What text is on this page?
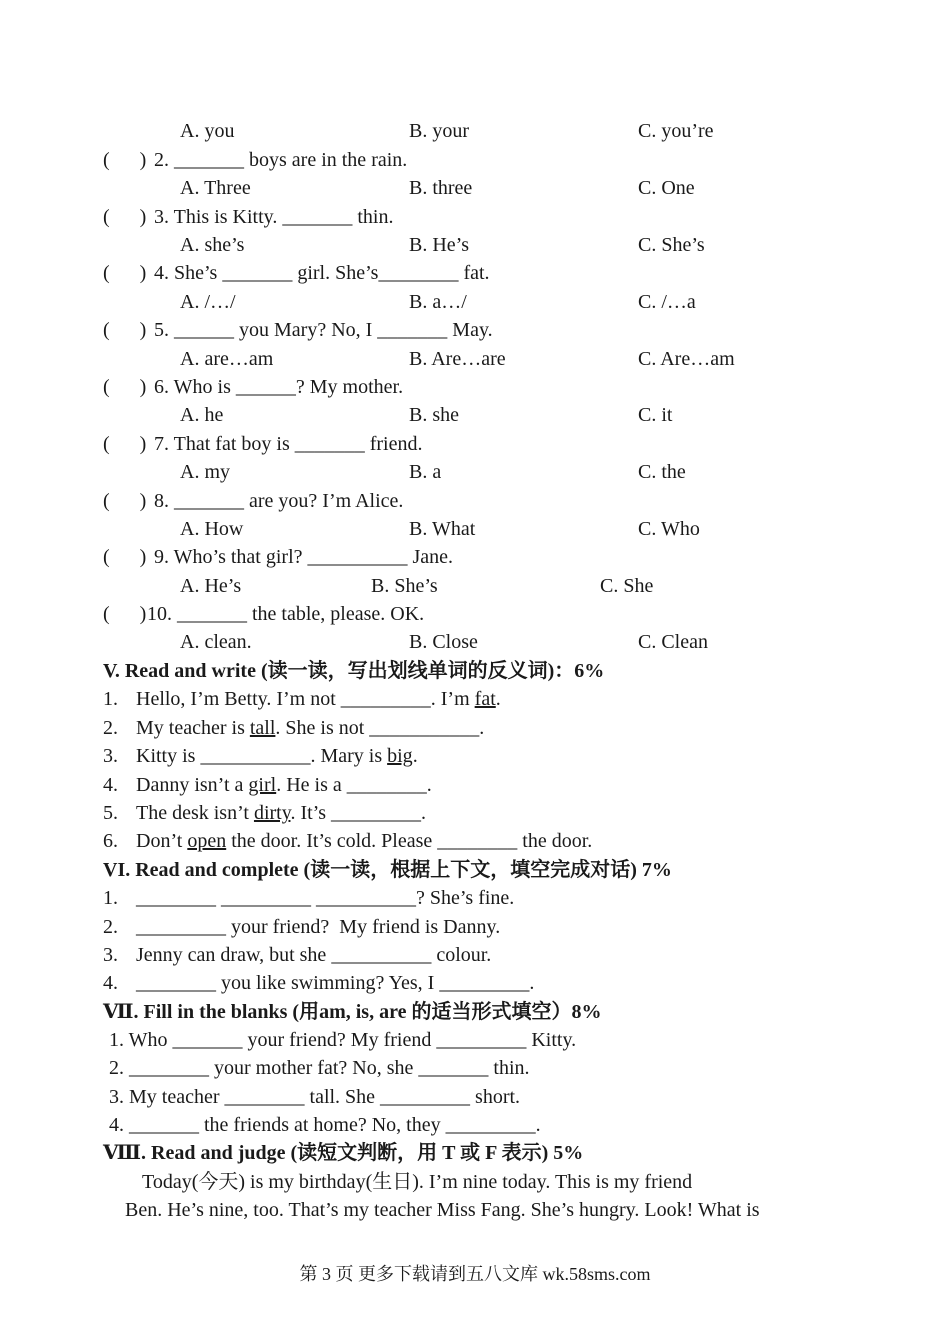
A. you	B. your	C. you’re
(      ) 2. _______ boys are in the rain.
A. Three	B. three	C. One
(      ) 3. This is Kitty. _______ thin.
A. she’s	B. He’s	C. She’s
(      ) 4. She’s _______ girl. She’s________ fat.
A. /…/	B. a…/	C. /…a
(      ) 5. ______ you Mary? No, I _______ May.
A. are…am	B. Are…are	C. Are…am
(      ) 6. Who is ______? My mother.
A. he	B. she	C. it
(      ) 7. That fat boy is _______ friend.
A. my	B. a	C. the
(      ) 8. _______ are you? I’m Alice.
A. How	B. What	C. Who
(      ) 9. Who’s that girl? __________ Jane.
A. He’s	B. She’s	C. She
(      ) 10. _______ the table, please. OK.
A. clean.	B. Close	C. Clean
V. Read and write (读一读，写出划线单词的反义词)：6%
1. Hello, I’m Betty. I’m not _________. I’m fat.
2. My teacher is tall. She is not ___________.
3. Kitty is ___________. Mary is big.
4. Danny isn’t a girl. He is a ________.
5. The desk isn’t dirty. It’s _________.
6. Don’t open the door. It’s cold. Please ________ the door.
VI. Read and complete (读一读，根据上下文，填空完成对话) 7%
1. ________ _________ __________? She’s fine.
2. _________ your friend?  My friend is Danny.
3. Jenny can draw, but she __________ colour.
4. ________ you like swimming? Yes, I _________.
Ⅶ. Fill in the blanks (用am, is, are 的适当形式填空）8%
1. Who _______ your friend? My friend _________ Kitty.
2. ________ your mother fat? No, she _______ thin.
3. My teacher ________ tall. She _________ short.
4. _______ the friends at home? No, they _________.
Ⅷ. Read and judge (读短文判断，用 T 或 F 表示) 5%
Today(今天) is my birthday(生日). I’m nine today. This is my friend
Ben. He’s nine, too. That’s my teacher Miss Fang. She’s hungry. Look! What is
第 3 页 更多下载请到五八文库 wk.58sms.com
